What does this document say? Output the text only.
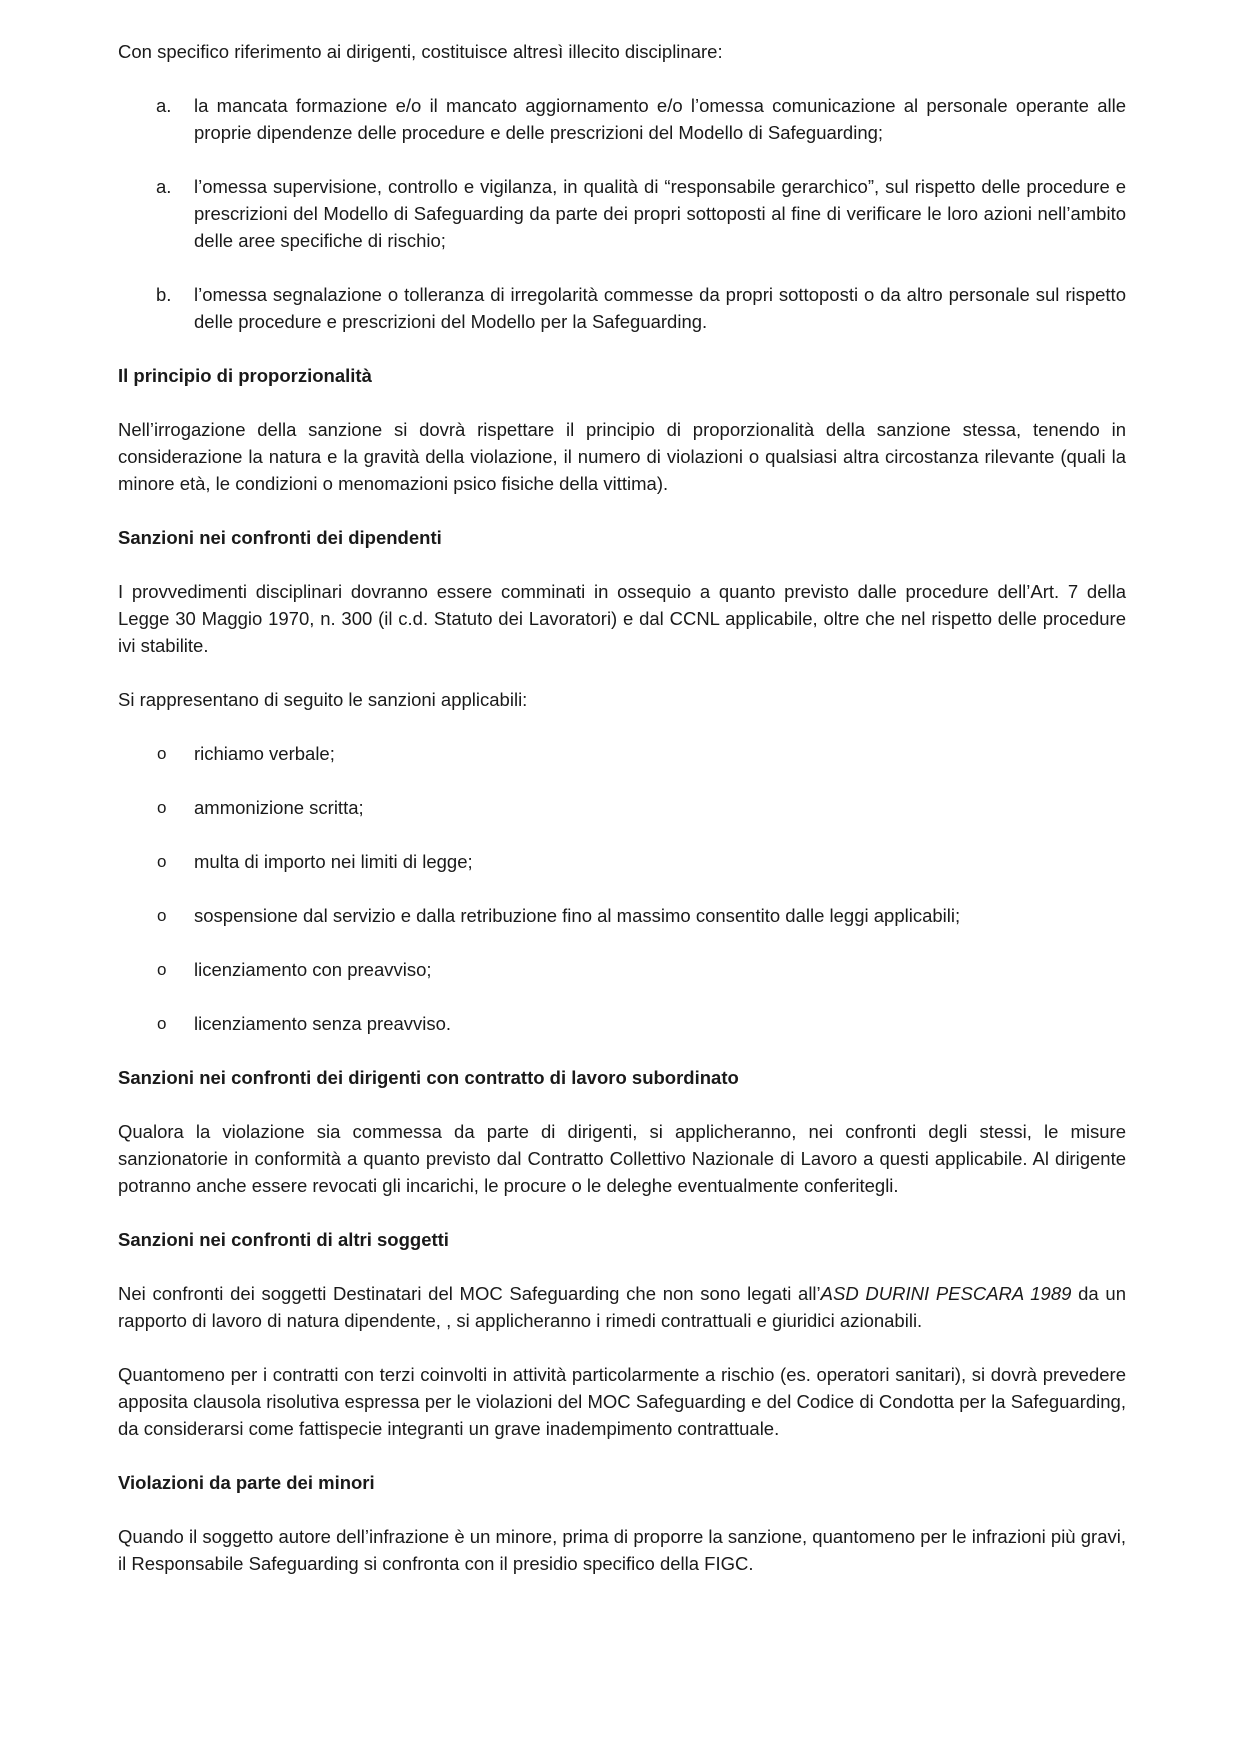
Con specifico riferimento ai dirigenti, costituisce altresì illecito disciplinare:

a. la mancata formazione e/o il mancato aggiornamento e/o l’omessa comunicazione al personale operante alle proprie dipendenze delle procedure e delle prescrizioni del Modello di Safeguarding;
a. l’omessa supervisione, controllo e vigilanza, in qualità di “responsabile gerarchico”, sul rispetto delle procedure e prescrizioni del Modello di Safeguarding da parte dei propri sottoposti al fine di verificare le loro azioni nell’ambito delle aree specifiche di rischio;
b. l’omessa segnalazione o tolleranza di irregolarità commesse da propri sottoposti o da altro personale sul rispetto delle procedure e prescrizioni del Modello per la Safeguarding.

Il principio di proporzionalità

Nell’irrogazione della sanzione si dovrà rispettare il principio di proporzionalità della sanzione stessa, tenendo in considerazione la natura e la gravità della violazione, il numero di violazioni o qualsiasi altra circostanza rilevante (quali la minore età, le condizioni o menomazioni psico fisiche della vittima).

Sanzioni nei confronti dei dipendenti

I provvedimenti disciplinari dovranno essere comminati in ossequio a quanto previsto dalle procedure dell’Art. 7 della Legge 30 Maggio 1970, n. 300 (il c.d. Statuto dei Lavoratori) e dal CCNL applicabile, oltre che nel rispetto delle procedure ivi stabilite.

Si rappresentano di seguito le sanzioni applicabili:

o richiamo verbale;
o ammonizione scritta;
o multa di importo nei limiti di legge;
o sospensione dal servizio e dalla retribuzione fino al massimo consentito dalle leggi applicabili;
o licenziamento con preavviso;
o licenziamento senza preavviso.

Sanzioni nei confronti dei dirigenti con contratto di lavoro subordinato

Qualora la violazione sia commessa da parte di dirigenti, si applicheranno, nei confronti degli stessi, le misure sanzionatorie in conformità a quanto previsto dal Contratto Collettivo Nazionale di Lavoro a questi applicabile. Al dirigente potranno anche essere revocati gli incarichi, le procure o le deleghe eventualmente conferitegli.

Sanzioni nei confronti di altri soggetti

Nei confronti dei soggetti Destinatari del MOC Safeguarding che non sono legati all’ASD DURINI PESCARA 1989 da un rapporto di lavoro di natura dipendente, , si applicheranno i rimedi contrattuali e giuridici azionabili.

Quantomeno per i contratti con terzi coinvolti in attività particolarmente a rischio (es. operatori sanitari), si dovrà prevedere apposita clausola risolutiva espressa per le violazioni del MOC Safeguarding e del Codice di Condotta per la Safeguarding, da considerarsi come fattispecie integranti un grave inadempimento contrattuale.

Violazioni da parte dei minori

Quando il soggetto autore dell’infrazione è un minore, prima di proporre la sanzione, quantomeno per le infrazioni più gravi, il Responsabile Safeguarding si confronta con il presidio specifico della FIGC.
